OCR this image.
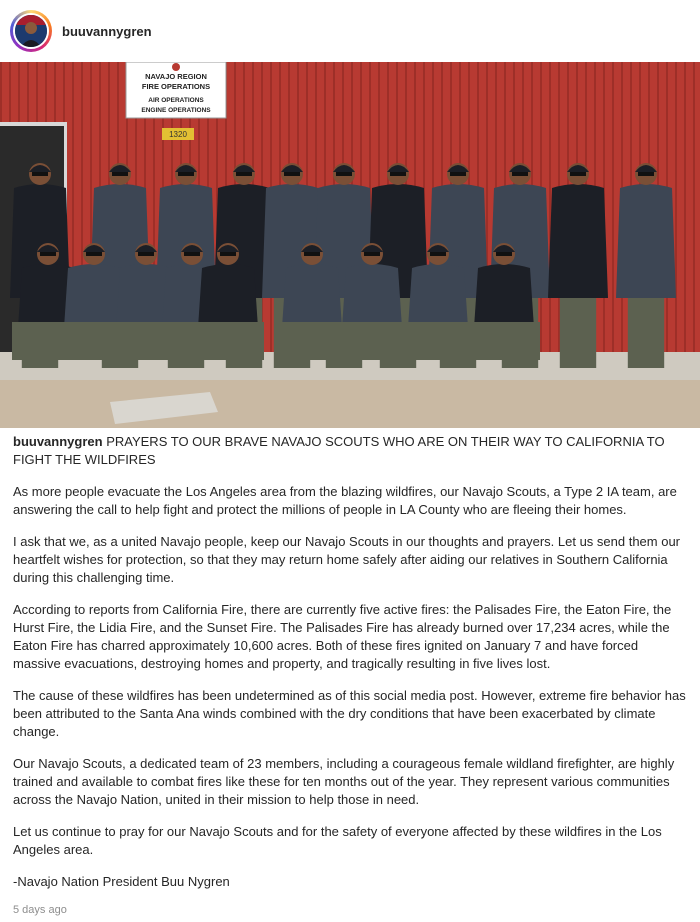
buuvannygren
NAVAJO REGION
FIRE OPERATIONS
AIR OPERATIONS
ENGINE OPERATIONS
1320

buuvannygren PRAYERS TO OUR BRAVE NAVAJO SCOUTS WHO ARE ON THEIR WAY TO CALIFORNIA TO FIGHT THE WILDFIRES

As more people evacuate the Los Angeles area from the blazing wildfires, our Navajo Scouts, a Type 2 IA team, are answering the call to help fight and protect the millions of people in LA County who are fleeing their homes.

I ask that we, as a united Navajo people, keep our Navajo Scouts in our thoughts and prayers. Let us send them our heartfelt wishes for protection, so that they may return home safely after aiding our relatives in Southern California during this challenging time.

According to reports from California Fire, there are currently five active fires: the Palisades Fire, the Eaton Fire, the Hurst Fire, the Lidia Fire, and the Sunset Fire. The Palisades Fire has already burned over 17,234 acres, while the Eaton Fire has charred approximately 10,600 acres. Both of these fires ignited on January 7 and have forced massive evacuations, destroying homes and property, and tragically resulting in five lives lost.

The cause of these wildfires has been undetermined as of this social media post. However, extreme fire behavior has been attributed to the Santa Ana winds combined with the dry conditions that have been exacerbated by climate change.

Our Navajo Scouts, a dedicated team of 23 members, including a courageous female wildland firefighter, are highly trained and available to combat fires like these for ten months out of the year. They represent various communities across the Navajo Nation, united in their mission to help those in need.

Let us continue to pray for our Navajo Scouts and for the safety of everyone affected by these wildfires in the Los Angeles area.

-Navajo Nation President Buu Nygren

5 days ago
